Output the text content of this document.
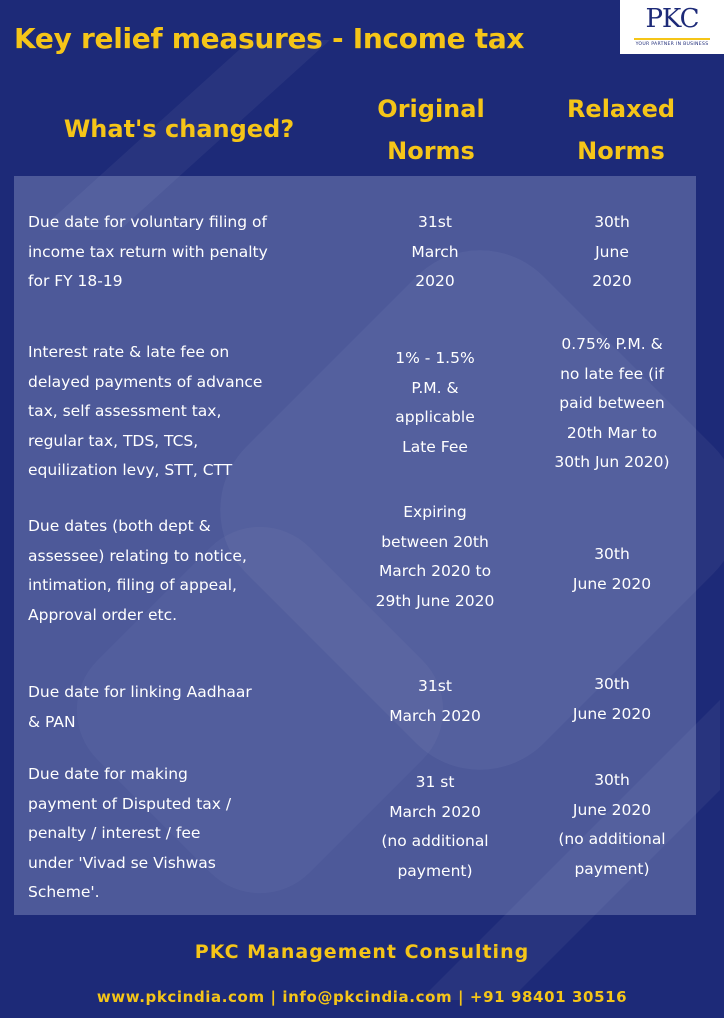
Key relief measures - Income tax
PKC
YOUR PARTNER IN BUSINESS
What's changed?
Original
Norms
Relaxed
Norms
Due date for voluntary filing of
income tax return with penalty
for FY 18-19
31st
March
2020
30th
June
2020
Interest rate & late fee on
delayed payments of advance
tax, self assessment tax,
regular tax, TDS, TCS,
equilization levy, STT, CTT
1% - 1.5%
P.M. &
applicable
Late Fee
0.75% P.M. &
no late fee (if
paid between
20th Mar to
30th Jun 2020)
Due dates (both dept &
assessee) relating to notice,
intimation, filing of appeal,
Approval order etc.
Expiring
between 20th
March 2020 to
29th June 2020
30th
June 2020
Due date for linking Aadhaar
& PAN
31st
March 2020
30th
June 2020
Due date for making
payment of Disputed tax /
penalty / interest / fee
under 'Vivad se Vishwas
Scheme'.
31 st
March 2020
(no additional
payment)
30th
June 2020
(no additional
payment)
PKC Management Consulting
www.pkcindia.com | info@pkcindia.com | +91 98401 30516
